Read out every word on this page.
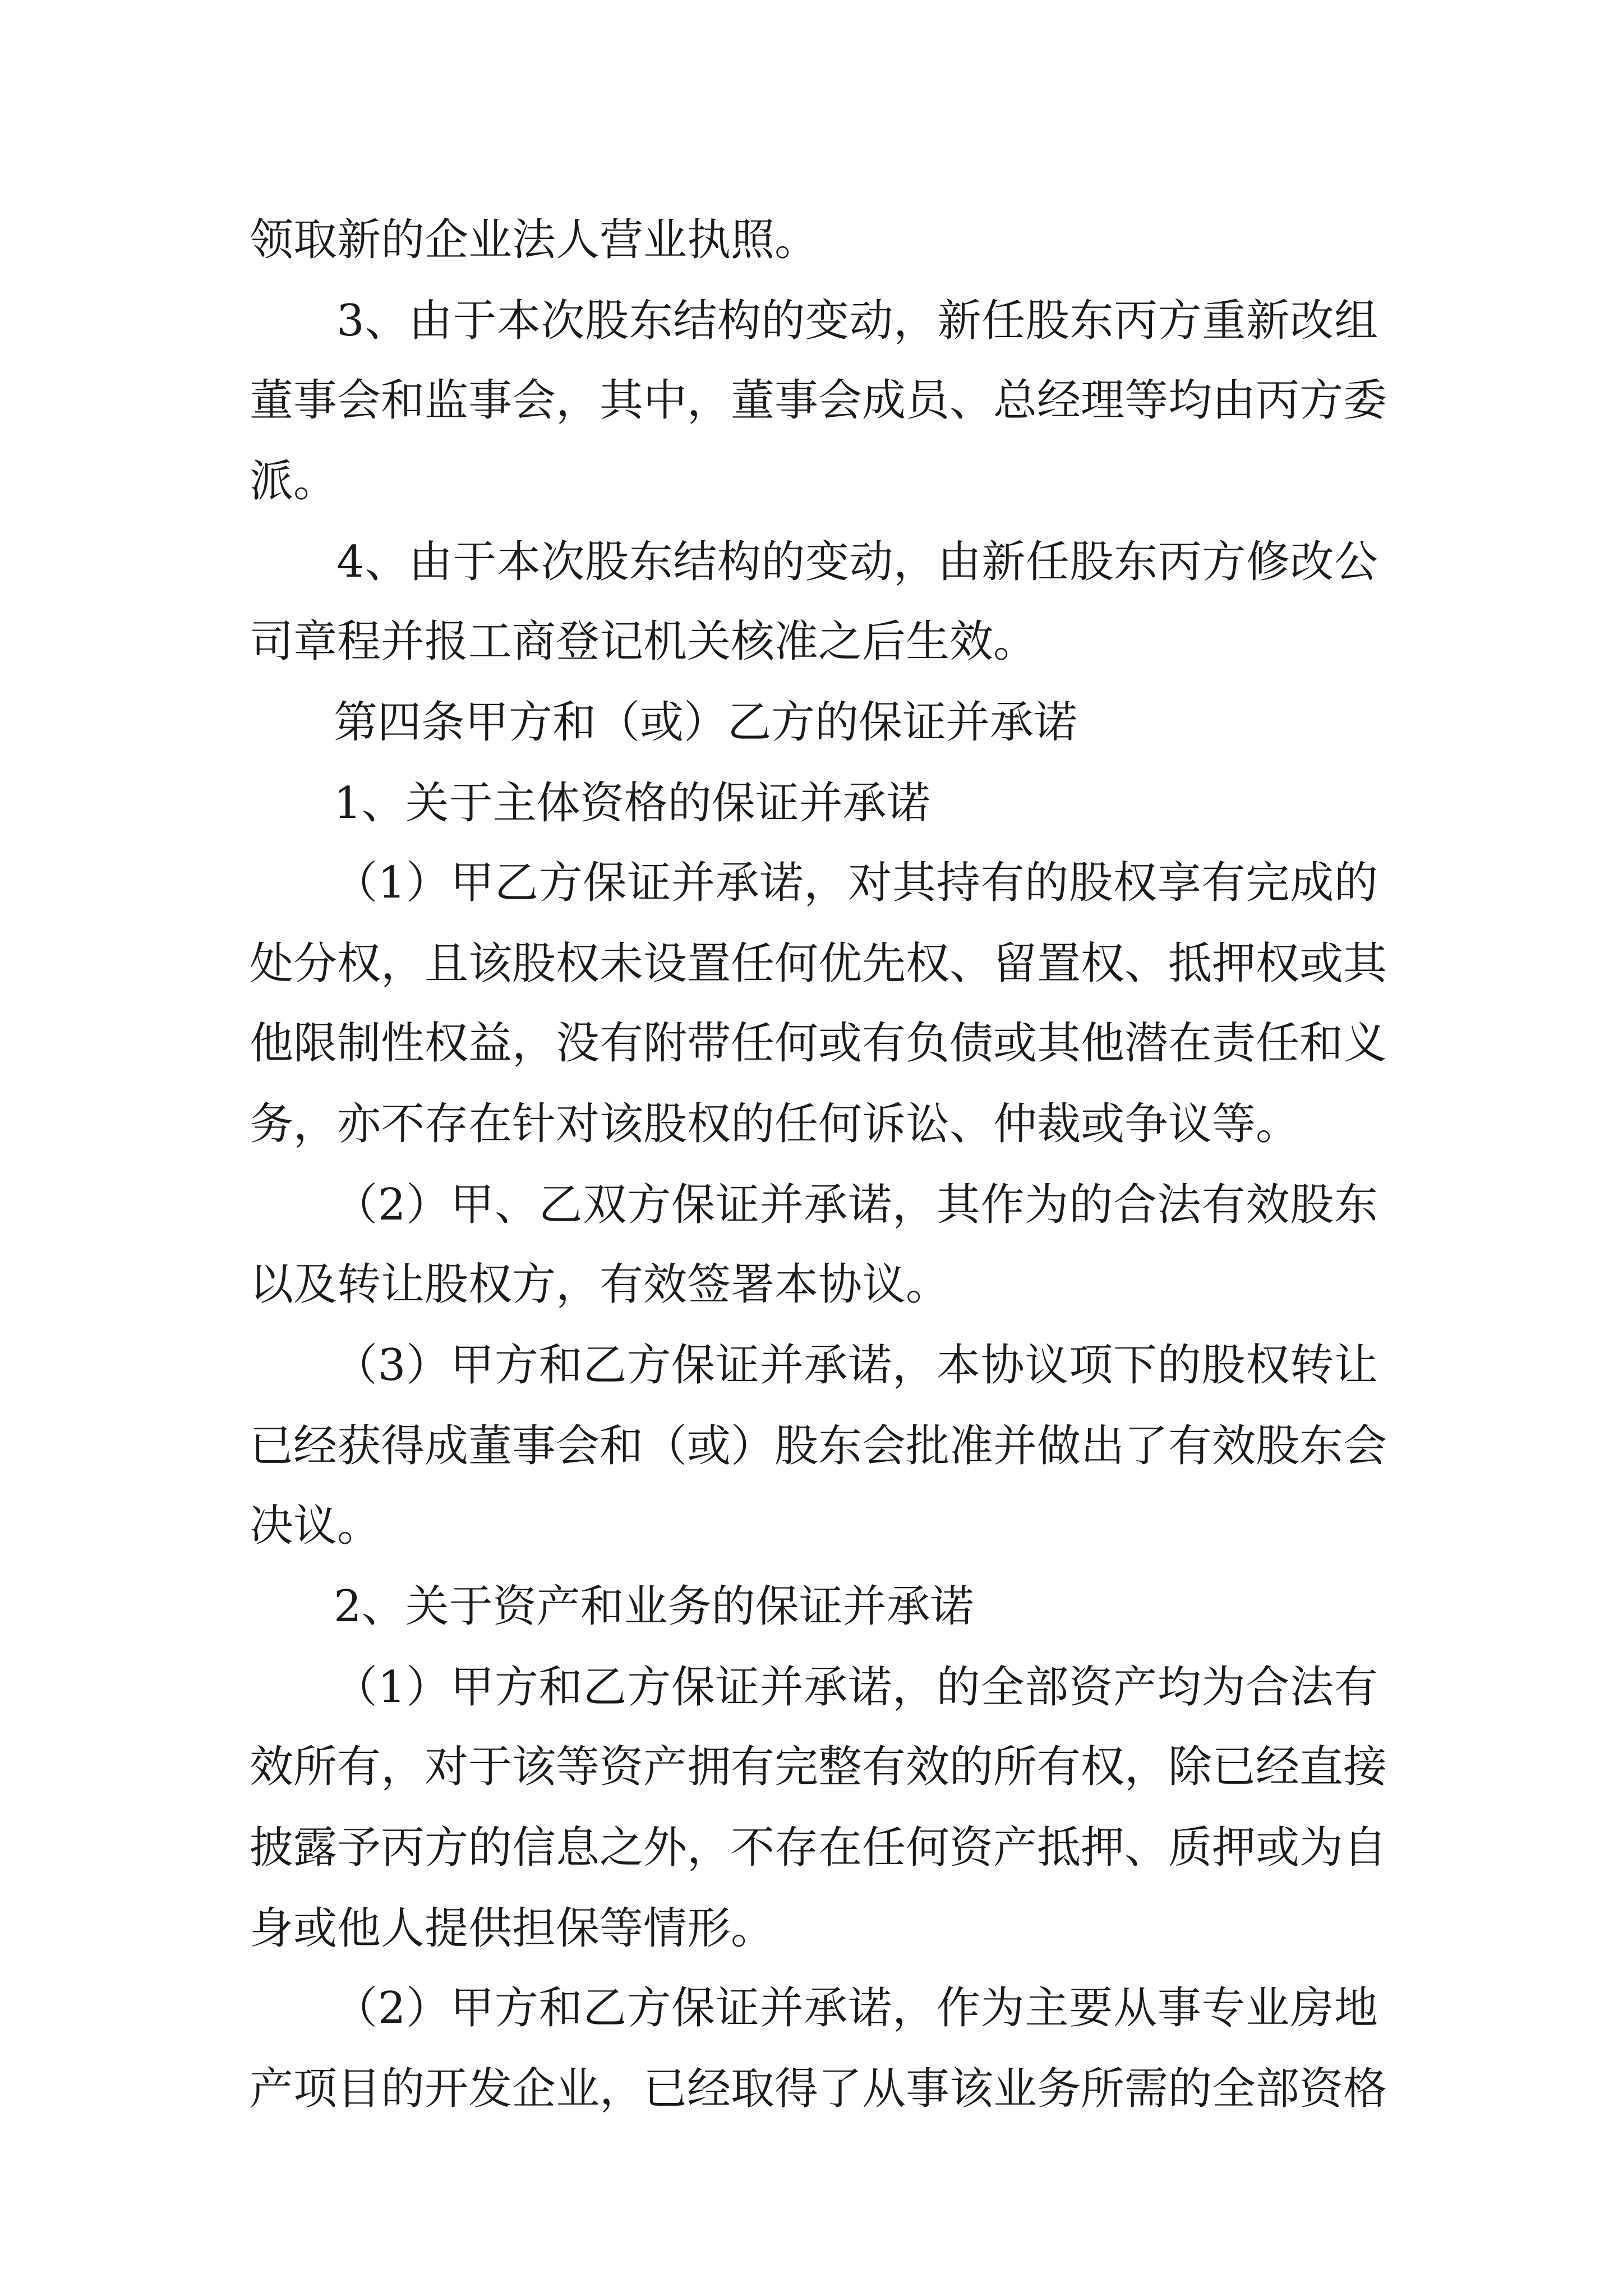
领取新的企业法人营业执照。
3、由于本次股东结构的变动，新任股东丙方重新改组
董事会和监事会，其中，董事会成员、总经理等均由丙方委
派。
4、由于本次股东结构的变动，由新任股东丙方修改公
司章程并报工商登记机关核准之后生效。
第四条甲方和（或）乙方的保证并承诺
1、关于主体资格的保证并承诺
（1）甲乙方保证并承诺，对其持有的股权享有完成的
处分权，且该股权未设置任何优先权、留置权、抵押权或其
他限制性权益，没有附带任何或有负债或其他潜在责任和义
务，亦不存在针对该股权的任何诉讼、仲裁或争议等。
（2）甲、乙双方保证并承诺，其作为的合法有效股东
以及转让股权方，有效签署本协议。
（3）甲方和乙方保证并承诺，本协议项下的股权转让
已经获得成董事会和（或）股东会批准并做出了有效股东会
决议。
2、关于资产和业务的保证并承诺
（1）甲方和乙方保证并承诺，的全部资产均为合法有
效所有，对于该等资产拥有完整有效的所有权，除已经直接
披露予丙方的信息之外，不存在任何资产抵押、质押或为自
身或他人提供担保等情形。
（2）甲方和乙方保证并承诺，作为主要从事专业房地
产项目的开发企业，已经取得了从事该业务所需的全部资格
